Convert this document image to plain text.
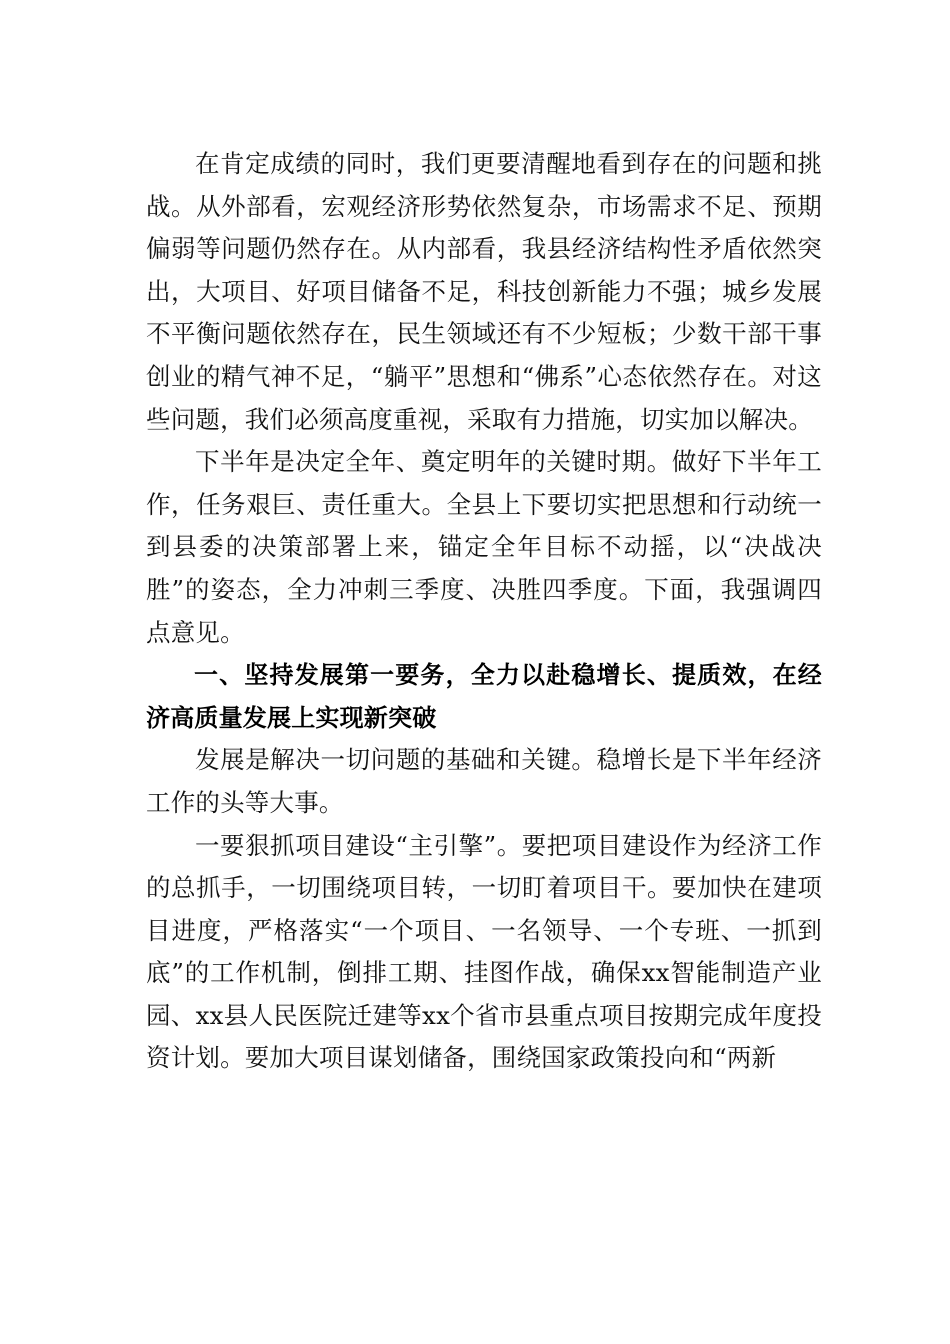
在肯定成绩的同时，我们更要清醒地看到存在的问题和挑战。从外部看，宏观经济形势依然复杂，市场需求不足、预期偏弱等问题仍然存在。从内部看，我县经济结构性矛盾依然突出，大项目、好项目储备不足，科技创新能力不强；城乡发展不平衡问题依然存在，民生领域还有不少短板；少数干部干事创业的精气神不足，“躺平”思想和“佛系”心态依然存在。对这些问题，我们必须高度重视，采取有力措施，切实加以解决。

下半年是决定全年、奠定明年的关键时期。做好下半年工作，任务艰巨、责任重大。全县上下要切实把思想和行动统一到县委的决策部署上来，锚定全年目标不动摇，以“决战决胜”的姿态，全力冲刺三季度、决胜四季度。下面，我强调四点意见。

一、坚持发展第一要务，全力以赴稳增长、提质效，在经济高质量发展上实现新突破

发展是解决一切问题的基础和关键。稳增长是下半年经济工作的头等大事。

一要狠抓项目建设“主引擎”。要把项目建设作为经济工作的总抓手，一切围绕项目转，一切盯着项目干。要加快在建项目进度，严格落实“一个项目、一名领导、一个专班、一抓到底”的工作机制，倒排工期、挂图作战，确保xx智能制造产业园、xx县人民医院迁建等xx个省市县重点项目按期完成年度投资计划。要加大项目谋划储备，围绕国家政策投向和“两新
